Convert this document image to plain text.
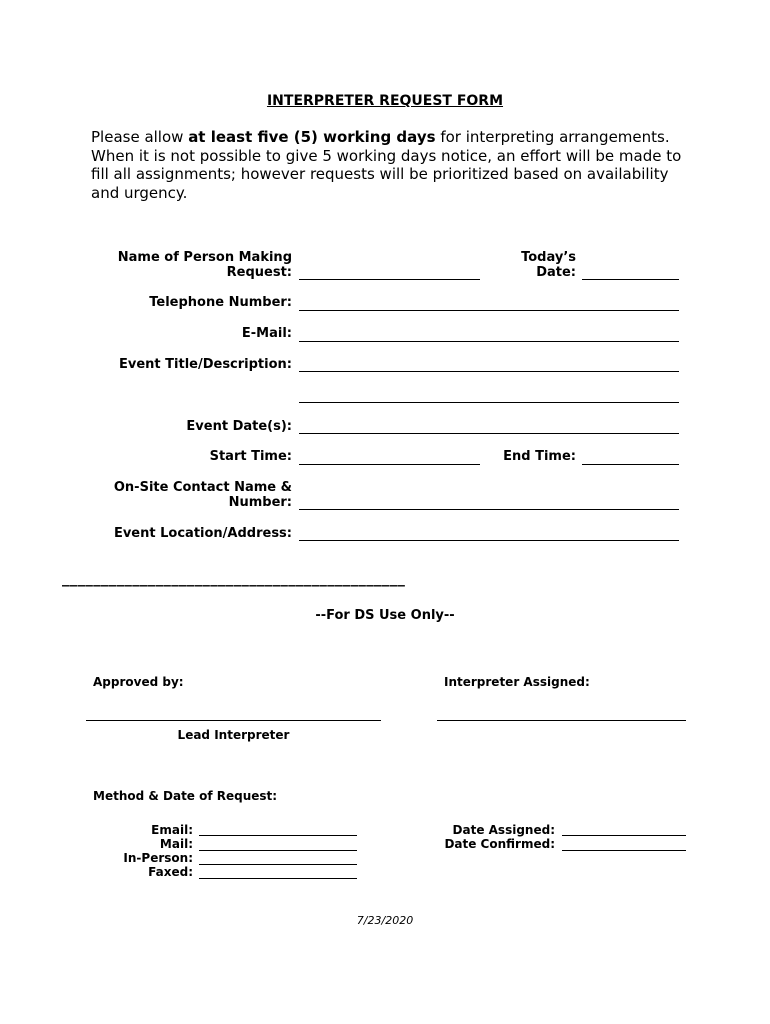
INTERPRETER REQUEST FORM
Please allow at least five (5) working days for interpreting arrangements. When it is not possible to give 5 working days notice, an effort will be made to fill all assignments; however requests will be prioritized based on availability and urgency.
Name of Person Making
Request:
Today’s
Date:
Telephone Number:
E-Mail:
Event Title/Description:
Event Date(s):
Start Time:	End Time:
On-Site Contact Name &
Number:
Event Location/Address:
____________________________________________
--For DS Use Only--
Approved by:	Interpreter Assigned:
Lead Interpreter
Method & Date of Request:
Email:
Mail:
In-Person:
Faxed:
Date Assigned:
Date Confirmed:
7/23/2020
